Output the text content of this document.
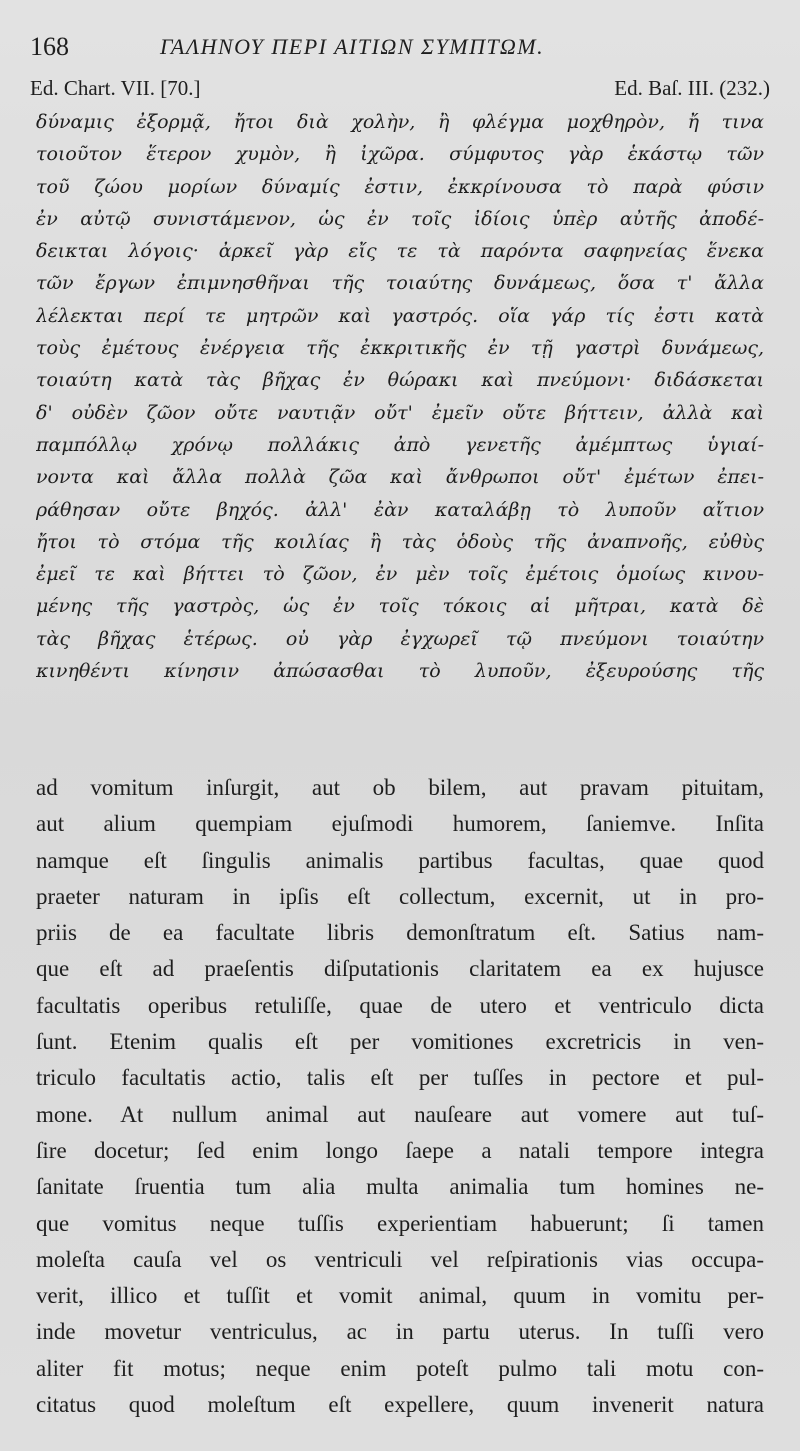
168	ΓΑΛΗΝΟΥ ΠΕΡΙ ΑΙΤΙΩΝ ΣΥΜΠΤΩΜ.
Ed. Chart. VII. [70.]	Ed. Baſ. III. (232.)
δύναμις ἐξορμᾷ, ἤτοι διὰ χολὴν, ἢ φλέγμα μοχθηρὸν, ἤ τινα
τοιοῦτον ἕτερον χυμὸν, ἢ ἰχῶρα. σύμφυτος γὰρ ἑκάστῳ τῶν
τοῦ ζώου μορίων δύναμίς ἐστιν, ἐκκρίνουσα τὸ παρὰ φύσιν
ἐν αὐτῷ συνιστάμενον, ὡς ἐν τοῖς ἰδίοις ὑπὲρ αὐτῆς ἀποδέ-
δεικται λόγοις· ἀρκεῖ γὰρ εἴς τε τὰ παρόντα σαφηνείας ἕνεκα
τῶν ἔργων ἐπιμνησθῆναι τῆς τοιαύτης δυνάμεως, ὅσα τ' ἄλλα
λέλεκται περί τε μητρῶν καὶ γαστρός. οἵα γάρ τίς ἐστι κατὰ
τοὺς ἐμέτους ἐνέργεια τῆς ἐκκριτικῆς ἐν τῇ γαστρὶ δυνάμεως,
τοιαύτη κατὰ τὰς βῆχας ἐν θώρακι καὶ πνεύμονι· διδάσκεται
δ' οὐδὲν ζῶον οὔτε ναυτιᾷν οὔτ' ἐμεῖν οὔτε βήττειν, ἀλλὰ καὶ
παμπόλλῳ χρόνῳ πολλάκις ἀπὸ γενετῆς ἀμέμπτως ὑγιαί-
νοντα καὶ ἄλλα πολλὰ ζῶα καὶ ἄνθρωποι οὔτ' ἐμέτων ἐπει-
ράθησαν οὔτε βηχός. ἀλλ' ἐὰν καταλάβῃ τὸ λυποῦν αἴτιον
ἤτοι τὸ στόμα τῆς κοιλίας ἢ τὰς ὁδοὺς τῆς ἀναπνοῆς, εὐθὺς
ἐμεῖ τε καὶ βήττει τὸ ζῶον, ἐν μὲν τοῖς ἐμέτοις ὁμοίως κινου-
μένης τῆς γαστρὸς, ὡς ἐν τοῖς τόκοις αἱ μῆτραι, κατὰ δὲ
τὰς βῆχας ἑτέρως. οὐ γὰρ ἐγχωρεῖ τῷ πνεύμονι τοιαύτην
κινηθέντι κίνησιν ἀπώσασθαι τὸ λυποῦν, ἐξευρούσης τῆς
ad vomitum inſurgit, aut ob bilem, aut pravam pituitam,
aut alium quempiam ejuſmodi humorem, ſaniemve. Inſita
namque eſt ſingulis animalis partibus facultas, quae quod
praeter naturam in ipſis eſt collectum, excernit, ut in pro-
priis de ea facultate libris demonſtratum eſt. Satius nam-
que eſt ad praeſentis diſputationis claritatem ea ex hujusce
facultatis operibus retuliſſe, quae de utero et ventriculo dicta
ſunt. Etenim qualis eſt per vomitiones excretricis in ven-
triculo facultatis actio, talis eſt per tuſſes in pectore et pul-
mone. At nullum animal aut nauſeare aut vomere aut tuſ-
ſire docetur; ſed enim longo ſaepe a natali tempore integra
ſanitate ſruentia tum alia multa animalia tum homines ne-
que vomitus neque tuſſis experientiam habuerunt; ſi tamen
moleſta cauſa vel os ventriculi vel reſpirationis vias occupa-
verit, illico et tuſſit et vomit animal, quum in vomitu per-
inde movetur ventriculus, ac in partu uterus. In tuſſi vero
aliter fit motus; neque enim poteſt pulmo tali motu con-
citatus quod moleſtum eſt expellere, quum invenerit natura
